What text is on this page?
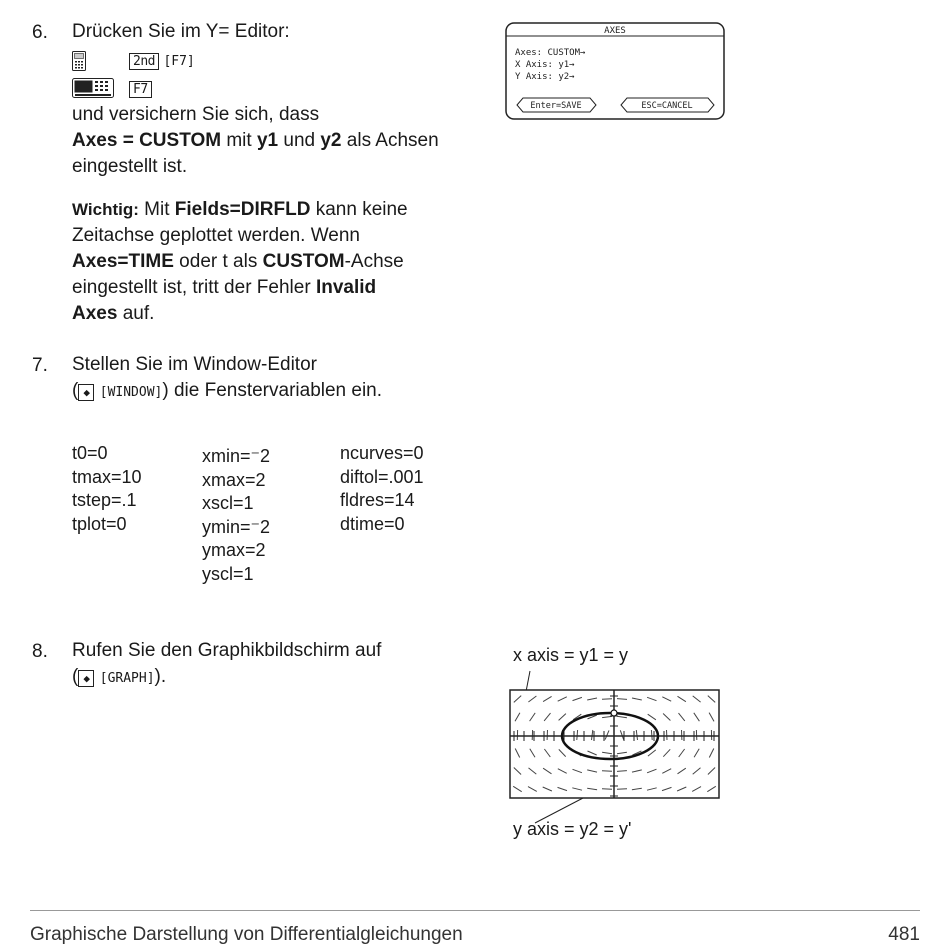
6. Drücken Sie im Y= Editor:
2nd [F7]
F7
und versichern Sie sich, dass
Axes = CUSTOM mit y1 und y2 als Achsen
eingestellt ist.
Wichtig: Mit Fields=DIRFLD kann keine
Zeitachse geplottet werden. Wenn
Axes=TIME oder t als CUSTOM-Achse
eingestellt ist, tritt der Fehler Invalid
Axes auf.
AXES
Axes: CUSTOM→
X Axis: y1→
Y Axis: y2→
Enter=SAVE	ESC=CANCEL
7. Stellen Sie im Window-Editor
( ◆ [WINDOW]) die Fenstervariablen ein.
t0=0
tmax=10
tstep=.1
tplot=0
xmin=⁻2
xmax=2
xscl=1
ymin=⁻2
ymax=2
yscl=1
ncurves=0
diftol=.001
fldres=14
dtime=0
8. Rufen Sie den Graphikbildschirm auf
( ◆ [GRAPH]).
x axis = y1 = y
y axis = y2 = y'
Graphische Darstellung von Differentialgleichungen	481
